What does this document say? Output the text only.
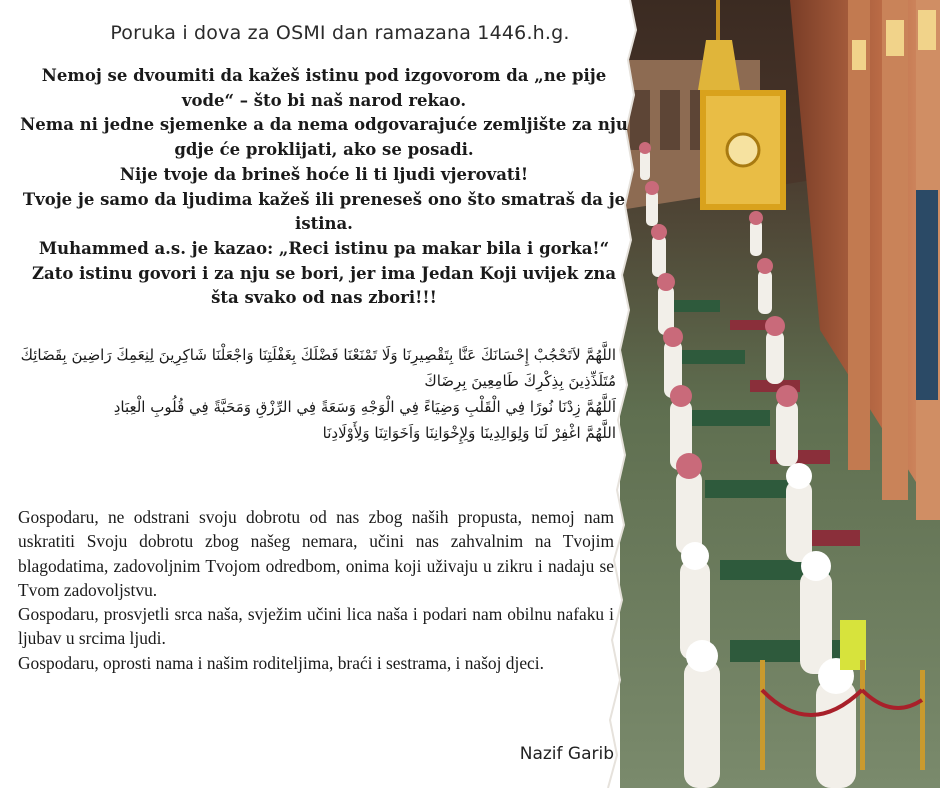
Poruka i dova za OSMI dan ramazana 1446.h.g.

Nemoj se dvoumiti da kažeš istinu pod izgovorom da „ne pije vode“ – što bi naš narod rekao.

Nema ni jedne sjemenke a da nema odgovarajuće zemljište za nju gdje će proklijati, ako se posadi.

Nije tvoje da brineš hoće li ti ljudi vjerovati!

Tvoje je samo da ljudima kažeš ili preneseš ono što smatraš da je istina.

Muhammed a.s. je kazao: „Reci istinu pa makar bila i gorka!“

Zato istinu govori i za nju se bori, jer ima Jedan Koji uvijek zna šta svako od nas zbori!!!

اللَّهُمَّ لاَتَحْجُبْ إِحْسَانَكَ عَنَّا بِتَقْصِيرِنَا وَلَا تَمْنَعْنَا فَضْلَكَ بِغَفْلَتِنَا وَاجْعَلْنَا شَاكِرِينَ لِنِعَمِكَ رَاضِينَ بِقَضَائِكَ مُتَلَذِّذِينَ بِذِكْرِكَ طَامِعِينَ بِرِضَاكَ

اَللَّهُمَّ زِدْنَا نُورًا فِي الْقَلْبِ وَضِيَاءً فِي الْوَجْهِ وَسَعَةً فِي الرِّزْقِ وَمَحَبَّةً فِي قُلُوبِ الْعِبَادِ

اللَّهُمَّ اغْفِرْ لَنَا وَلِوَالِدِينَا وَلِإِخْوَانِنَا وَاَخَوَاتِنَا وَلِأَوْلَادِنَا

Gospodaru, ne odstrani svoju dobrotu od nas zbog naših propusta, nemoj nam uskratiti Svoju dobrotu zbog našeg nemara, učini nas zahvalnim na Tvojim blagodatima, zadovoljnim Tvojom odredbom, onima koji uživaju u zikru i nadaju se Tvom zadovoljstvu.

Gospodaru, prosvjetli srca naša, svježim učini lica naša i podari nam obilnu nafaku i ljubav u srcima ljudi.

Gospodaru, oprosti nama i našim roditeljima, braći i sestrama, i našoj djeci.

Nazif Garib
